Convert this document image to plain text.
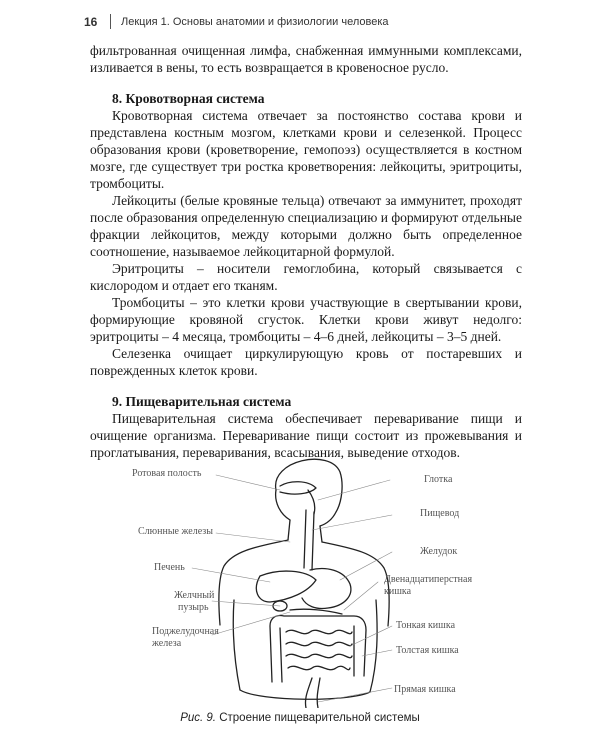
16 Лекция 1. Основы анатомии и физиологии человека

фильтрованная очищенная лимфа, снабженная иммунными комплексами, изливается в вены, то есть возвращается в кровеносное русло.

8. Кровотворная система

Кровотворная система отвечает за постоянство состава крови и представлена костным мозгом, клетками крови и селезенкой. Процесс образования крови (кроветворение, гемопоэз) осуществляется в костном мозге, где существует три ростка кроветворения: лейкоциты, эритроциты, тромбоциты.

Лейкоциты (белые кровяные тельца) отвечают за иммунитет, проходят после образования определенную специализацию и формируют отдельные фракции лейкоцитов, между которыми должно быть определенное соотношение, называемое лейкоцитарной формулой.

Эритроциты – носители гемоглобина, который связывается с кислородом и отдает его тканям.

Тромбоциты – это клетки крови участвующие в свертывании крови, формирующие кровяной сгусток. Клетки крови живут недолго: эритроциты – 4 месяца, тромбоциты – 4–6 дней, лейкоциты – 3–5 дней.

Селезенка очищает циркулирующую кровь от постаревших и поврежденных клеток крови.

9. Пищеварительная система

Пищеварительная система обеспечивает переваривание пищи и очищение организма. Переваривание пищи состоит из прожевывания и проглатывания, переваривания, всасывания, выведение отходов.

Ротовая полость
Слюнные железы
Печень
Желчный
пузырь
Поджелудочная
железа
Глотка
Пищевод
Желудок
Двенадцатиперстная
кишка
Тонкая кишка
Толстая кишка
Прямая кишка
Рис. 9. Строение пищеварительной системы
